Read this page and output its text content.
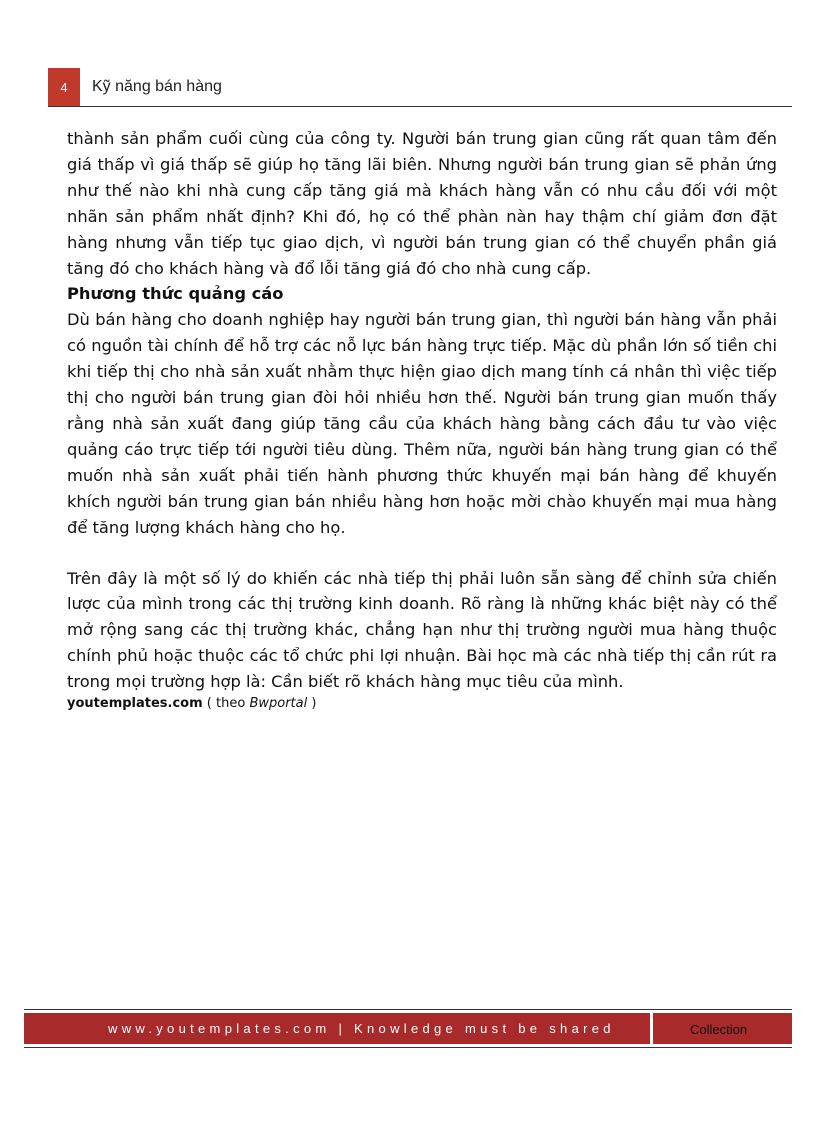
4	Kỹ năng bán hàng

thành sản phẩm cuối cùng của công ty. Người bán trung gian cũng rất quan tâm đến giá thấp vì giá thấp sẽ giúp họ tăng lãi biên. Nhưng người bán trung gian sẽ phản ứng như thế nào khi nhà cung cấp tăng giá mà khách hàng vẫn có nhu cầu đối với một nhãn sản phẩm nhất định? Khi đó, họ có thể phàn nàn hay thậm chí giảm đơn đặt hàng nhưng vẫn tiếp tục giao dịch, vì người bán trung gian có thể chuyển phần giá tăng đó cho khách hàng và đổ lỗi tăng giá đó cho nhà cung cấp.

Phương thức quảng cáo

Dù bán hàng cho doanh nghiệp hay người bán trung gian, thì người bán hàng vẫn phải có nguồn tài chính để hỗ trợ các nỗ lực bán hàng trực tiếp. Mặc dù phần lớn số tiền chi khi tiếp thị cho nhà sản xuất nhằm thực hiện giao dịch mang tính cá nhân thì việc tiếp thị cho người bán trung gian đòi hỏi nhiều hơn thế. Người bán trung gian muốn thấy rằng nhà sản xuất đang giúp tăng cầu của khách hàng bằng cách đầu tư vào việc quảng cáo trực tiếp tới người tiêu dùng. Thêm nữa, người bán hàng trung gian có thể muốn nhà sản xuất phải tiến hành phương thức khuyến mại bán hàng để khuyến khích người bán trung gian bán nhiều hàng hơn hoặc mời chào khuyến mại mua hàng để tăng lượng khách hàng cho họ.

Trên đây là một số lý do khiến các nhà tiếp thị phải luôn sẵn sàng để chỉnh sửa chiến lược của mình trong các thị trường kinh doanh. Rõ ràng là những khác biệt này có thể mở rộng sang các thị trường khác, chẳng hạn như thị trường người mua hàng thuộc chính phủ hoặc thuộc các tổ chức phi lợi nhuận. Bài học mà các nhà tiếp thị cần rút ra trong mọi trường hợp là: Cần biết rõ khách hàng mục tiêu của mình.

youtemplates.com ( theo Bwportal )

www.youtemplates.com | Knowledge must be shared	Collection
